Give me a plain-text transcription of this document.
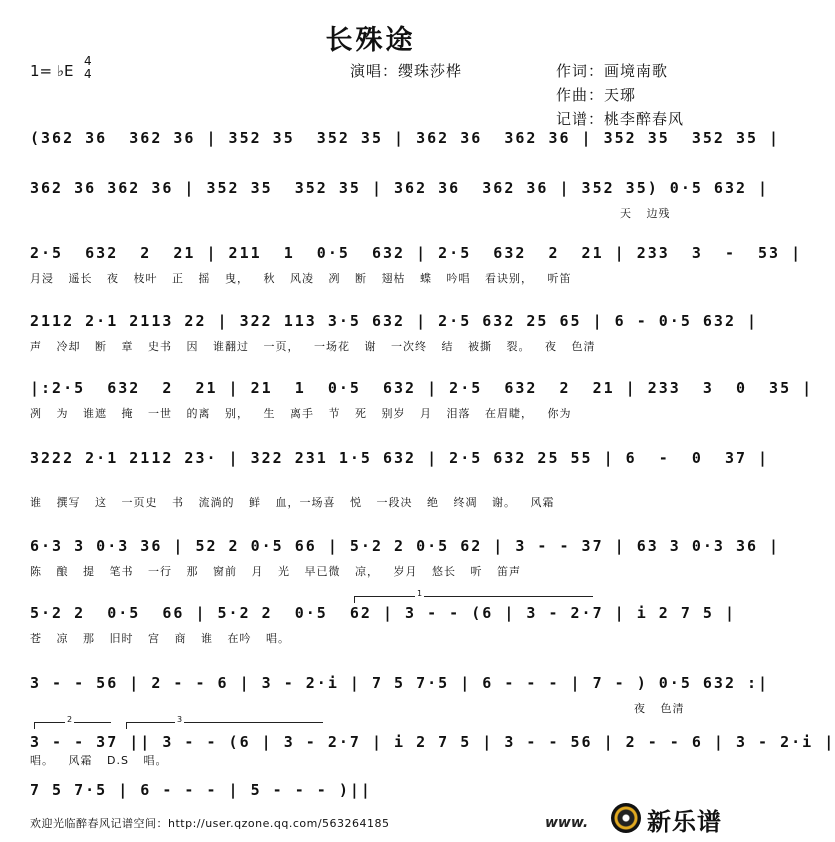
长殊途
1= ♭E
4
4	演唱：缨珠莎桦	作词：画境南歌
作曲：天琊
记谱：桃李醉春风
(362 36  362 36 | 352 35  352 35 | 362 36  362 36 | 352 35  352 35 |
362 36 362 36 | 352 35  352 35 | 362 36  362 36 | 352 35) 0·5 632 |
天 边残
2·5  632  2  21 | 211  1  0·5  632 | 2·5  632  2  21 | 233  3  -  53 |
月浸 遥长 夜 枝叶 正 摇 曳， 秋 风凌 冽 断 翅枯 蝶 吟唱 看诀别， 听笛
2112 2·1 2113 22 | 322 113 3·5 632 | 2·5 632 25 65 | 6 - 0·5 632 |
声 冷却 断 章 史书 因 谁翻过 一页， 一场花 谢 一次终 结 被撕 裂。 夜 色清
|:2·5  632  2  21 | 21  1  0·5  632 | 2·5  632  2  21 | 233  3  0  35 |
冽 为 谁遮 掩 一世 的离 别， 生 离手 节 死 别岁 月 泪落 在眉睫， 你为
3222 2·1 2112 23· | 322 231 1·5 632 | 2·5 632 25 55 | 6  -  0  37 |
谁 撰写 这 一页史 书 流淌的 鲜 血，一场喜 悦 一段决 绝 终凋 谢。 风霜
6·3 3 0·3 36 | 52 2 0·5 66 | 5·2 2 0·5 62 | 3 - - 37 | 63 3 0·3 36 |
陈 酿 提 笔书 一行 那 窗前 月 光 早已微 凉， 岁月 悠长 听 笛声
1
5·2 2  0·5  66 | 5·2 2  0·5  62 | 3 - - (6 | 3 - 2·7 | i 2 7 5 |
苍 凉 那 旧时 宫 商 谁 在吟 唱。
3 - - 56 | 2 - - 6 | 3 - 2·i | 7 5 7·5 | 6 - - - | 7 - ) 0·5 632 :|
夜 色清
2	3
3 - - 37 || 3 - - (6 | 3 - 2·7 | i 2 7 5 | 3 - - 56 | 2 - - 6 | 3 - 2·i |
唱。 风霜 D.S 唱。
7 5 7·5 | 6 - - - | 5 - - - )||
欢迎光临醉春风记谱空间：http://user.qzone.qq.com/563264185	www. 新乐谱
